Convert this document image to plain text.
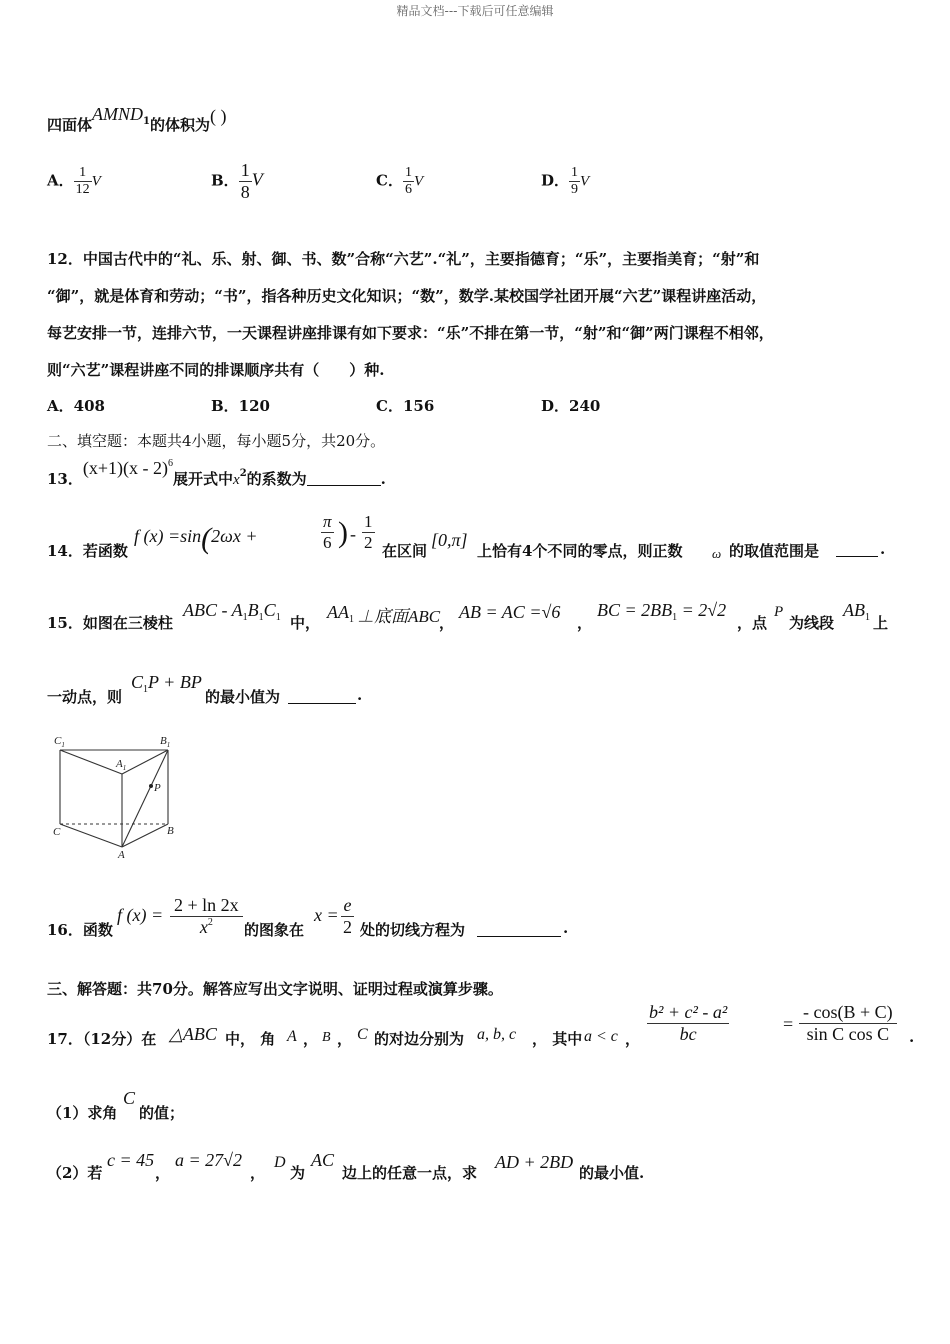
精品文档---下载后可任意编辑
四面体AMND$^1$的体积为( )
A． $\frac{1}{12}$ V	B． $\frac{1}{8}$ V	C． $\frac{1}{6}$ V	D． $\frac{1}{9}$ V
12．中国古代中的“礼、乐、射、御、书、数”合称“六艺”.“礼”，主要指德育；“乐”，主要指美育；“射”和
“御”，就是体育和劳动；“书”，指各种历史文化知识；“数”，数学.某校国学社团开展“六艺”课程讲座活动，
每艺安排一节，连排六节，一天课程讲座排课有如下要求：“乐”不排在第一节，“射”和“御”两门课程不相邻，
则“六艺”课程讲座不同的排课顺序共有（　　）种.
A．408	B．120	C．156	D．240
二、填空题：本题共4小题，每小题5分，共20分。
13．(x+1)(x - 2)$^6$展开式中$x_2$的系数为	.
14．若函数
f (x) =sin(2ωx +	$\frac{\pi}{6}$ ) - $\frac{1}{2}$ 在区间
[0,π]
上恰有4个不同的零点，则正数 ω 的取值范围是	.
15．如图在三棱柱
ABC - $A_1B_1C_1$ 中，
$AA_1$ ⊥底面ABC
，
AB = AC =√6
，
BC = $2BB_1 = 2√2$
，点
P
为线段
$AB_1$ 上
一动点，则
$C_1P$ + BP
的最小值为	.
$C_1$	$B_1$
$A_1$
P
C	B
A
16．函数
f $(x) = \frac{2 + \ln 2x}{x^2}$ 的图象在
$x = \frac{e}{2}$ 处的切线方程为	.
三、解答题：共70分。解答应写出文字说明、证明过程或演算步骤。
17．（12分）在 △ABC 中， 角 A ， B ， C 的对边分别为 a, b, c ， 其中 a < c ， $\frac{\text{b² + c² - a²}}{bc}$	= $\frac{- \cos(B + C)}{\text{sin C cos C}}$ .
（1）求角
C
的值；
（2）若
c = 45
，
a = 27√2
，
D
为
AC
边上的任意一点，求
AD + 2BD
的最小值.
